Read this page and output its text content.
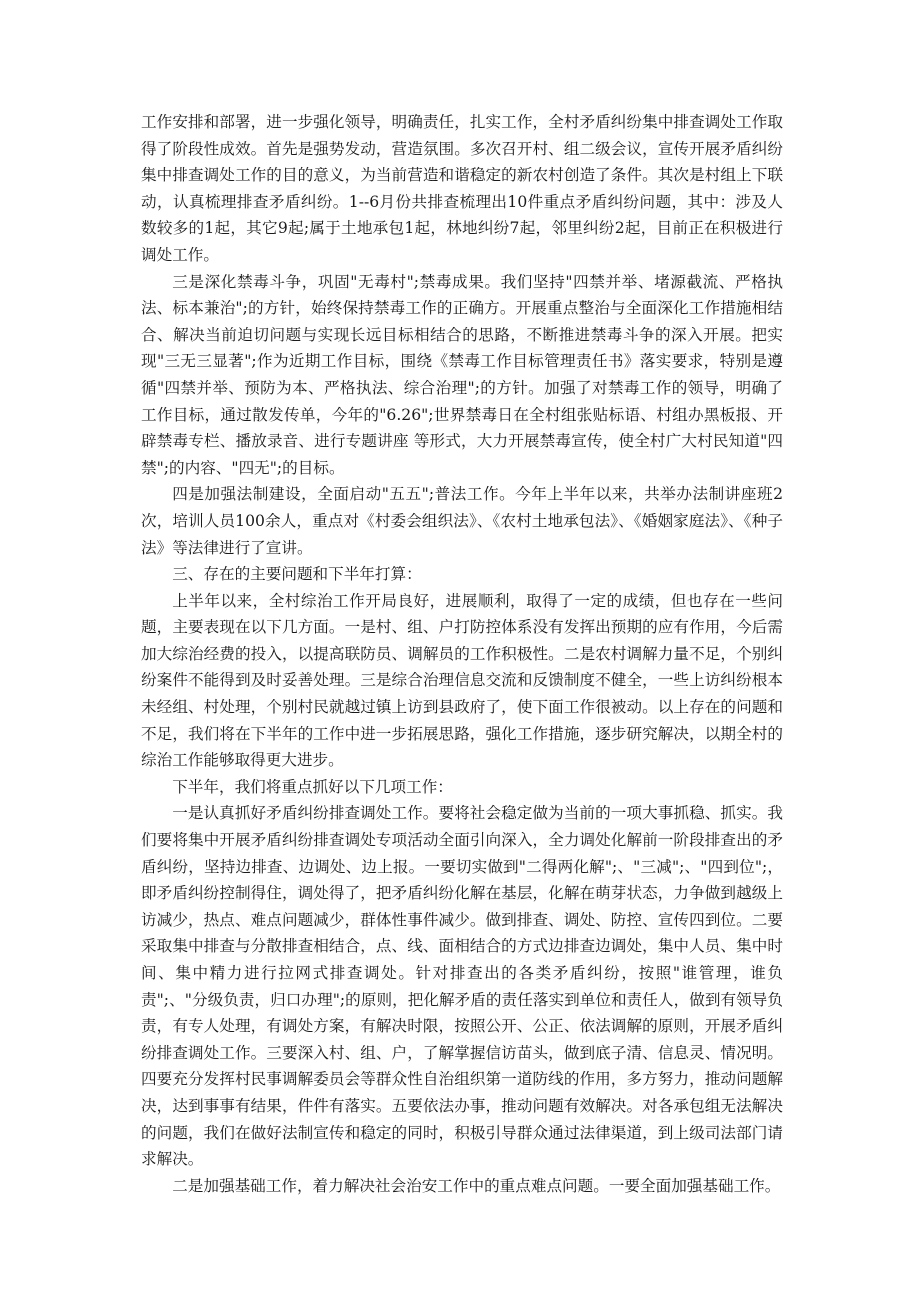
工作安排和部署，进一步强化领导，明确责任，扎实工作，全村矛盾纠纷集中排查调处工作取得了阶段性成效。首先是强势发动，营造氛围。多次召开村、组二级会议，宣传开展矛盾纠纷集中排查调处工作的目的意义，为当前营造和谐稳定的新农村创造了条件。其次是村组上下联动，认真梳理排查矛盾纠纷。1--6月份共排查梳理出10件重点矛盾纠纷问题，其中：涉及人数较多的1起，其它9起;属于土地承包1起，林地纠纷7起，邻里纠纷2起，目前正在积极进行调处工作。

三是深化禁毒斗争，巩固"无毒村";禁毒成果。我们坚持"四禁并举、堵源截流、严格执法、标本兼治";的方针，始终保持禁毒工作的正确方。开展重点整治与全面深化工作措施相结合、解决当前迫切问题与实现长远目标相结合的思路，不断推进禁毒斗争的深入开展。把实现"三无三显著";作为近期工作目标，围绕《禁毒工作目标管理责任书》落实要求，特别是遵循"四禁并举、预防为本、严格执法、综合治理";的方针。加强了对禁毒工作的领导，明确了工作目标，通过散发传单，今年的"6.26";世界禁毒日在全村组张贴标语、村组办黑板报、开辟禁毒专栏、播放录音、进行专题讲座 等形式，大力开展禁毒宣传，使全村广大村民知道"四禁";的内容、"四无";的目标。

四是加强法制建设，全面启动"五五";普法工作。今年上半年以来，共举办法制讲座班2次，培训人员100余人，重点对《村委会组织法》、《农村土地承包法》、《婚姻家庭法》、《种子法》等法律进行了宣讲。

三、存在的主要问题和下半年打算：

上半年以来，全村综治工作开局良好，进展顺利，取得了一定的成绩，但也存在一些问题，主要表现在以下几方面。一是村、组、户打防控体系没有发挥出预期的应有作用，今后需加大综治经费的投入，以提高联防员、调解员的工作积极性。二是农村调解力量不足，个别纠纷案件不能得到及时妥善处理。三是综合治理信息交流和反馈制度不健全，一些上访纠纷根本未经组、村处理，个别村民就越过镇上访到县政府了，使下面工作很被动。以上存在的问题和不足，我们将在下半年的工作中进一步拓展思路，强化工作措施，逐步研究解决，以期全村的综治工作能够取得更大进步。

下半年，我们将重点抓好以下几项工作：

一是认真抓好矛盾纠纷排查调处工作。要将社会稳定做为当前的一项大事抓稳、抓实。我们要将集中开展矛盾纠纷排查调处专项活动全面引向深入，全力调处化解前一阶段排查出的矛盾纠纷，坚持边排查、边调处、边上报。一要切实做到"二得两化解";、"三减";、"四到位";，即矛盾纠纷控制得住，调处得了，把矛盾纠纷化解在基层，化解在萌芽状态，力争做到越级上访减少，热点、难点问题减少，群体性事件减少。做到排查、调处、防控、宣传四到位。二要采取集中排查与分散排查相结合，点、线、面相结合的方式边排查边调处，集中人员、集中时间、集中精力进行拉网式排查调处。针对排查出的各类矛盾纠纷，按照"谁管理，谁负责";、"分级负责，归口办理";的原则，把化解矛盾的责任落实到单位和责任人，做到有领导负责，有专人处理，有调处方案，有解决时限，按照公开、公正、依法调解的原则，开展矛盾纠纷排查调处工作。三要深入村、组、户，了解掌握信访苗头，做到底子清、信息灵、情况明。四要充分发挥村民事调解委员会等群众性自治组织第一道防线的作用，多方努力，推动问题解决，达到事事有结果，件件有落实。五要依法办事，推动问题有效解决。对各承包组无法解决的问题，我们在做好法制宣传和稳定的同时，积极引导群众通过法律渠道，到上级司法部门请求解决。

二是加强基础工作，着力解决社会治安工作中的重点难点问题。一要全面加强基础工作。
